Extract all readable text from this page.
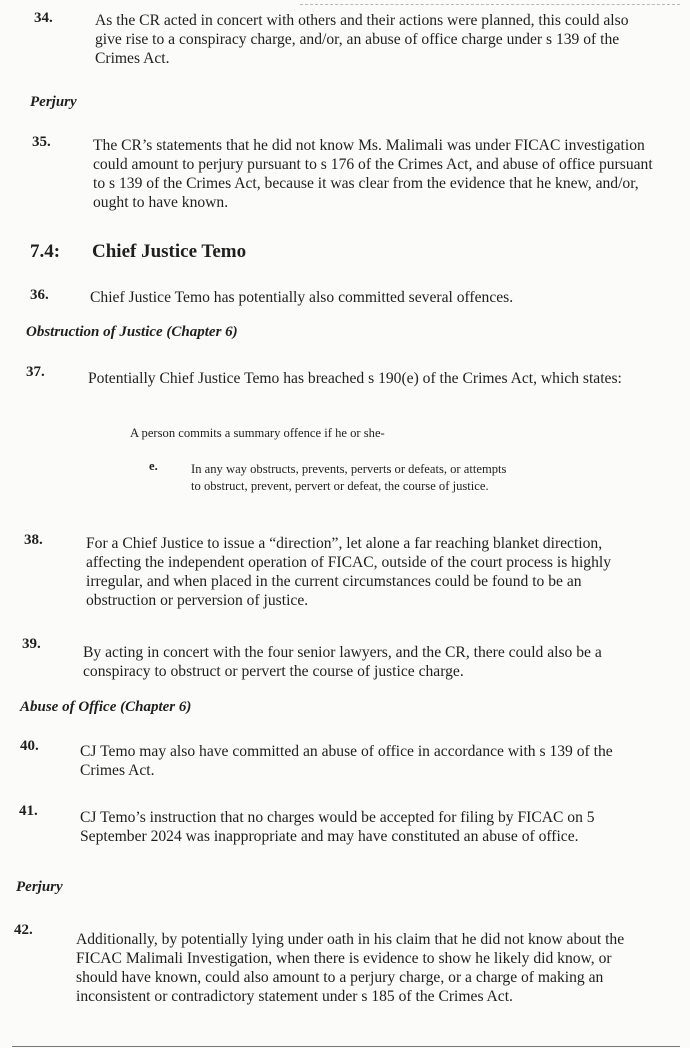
34.	As the CR acted in concert with others and their actions were planned, this could also give rise to a conspiracy charge, and/or, an abuse of office charge under s 139 of the Crimes Act.
Perjury
35.	The CR’s statements that he did not know Ms. Malimali was under FICAC investigation could amount to perjury pursuant to s 176 of the Crimes Act, and abuse of office pursuant to s 139 of the Crimes Act, because it was clear from the evidence that he knew, and/or, ought to have known.
7.4: Chief Justice Temo
36.	Chief Justice Temo has potentially also committed several offences.
Obstruction of Justice (Chapter 6)
37.	Potentially Chief Justice Temo has breached s 190(e) of the Crimes Act, which states:
A person commits a summary offence if he or she-
e.	In any way obstructs, prevents, perverts or defeats, or attempts to obstruct, prevent, pervert or defeat, the course of justice.
38.	For a Chief Justice to issue a “direction”, let alone a far reaching blanket direction, affecting the independent operation of FICAC, outside of the court process is highly irregular, and when placed in the current circumstances could be found to be an obstruction or perversion of justice.
39.	By acting in concert with the four senior lawyers, and the CR, there could also be a conspiracy to obstruct or pervert the course of justice charge.
Abuse of Office (Chapter 6)
40.	CJ Temo may also have committed an abuse of office in accordance with s 139 of the Crimes Act.
41.	CJ Temo’s instruction that no charges would be accepted for filing by FICAC on 5 September 2024 was inappropriate and may have constituted an abuse of office.
Perjury
42.
Additionally, by potentially lying under oath in his claim that he did not know about the FICAC Malimali Investigation, when there is evidence to show he likely did know, or should have known, could also amount to a perjury charge, or a charge of making an inconsistent or contradictory statement under s 185 of the Crimes Act.
